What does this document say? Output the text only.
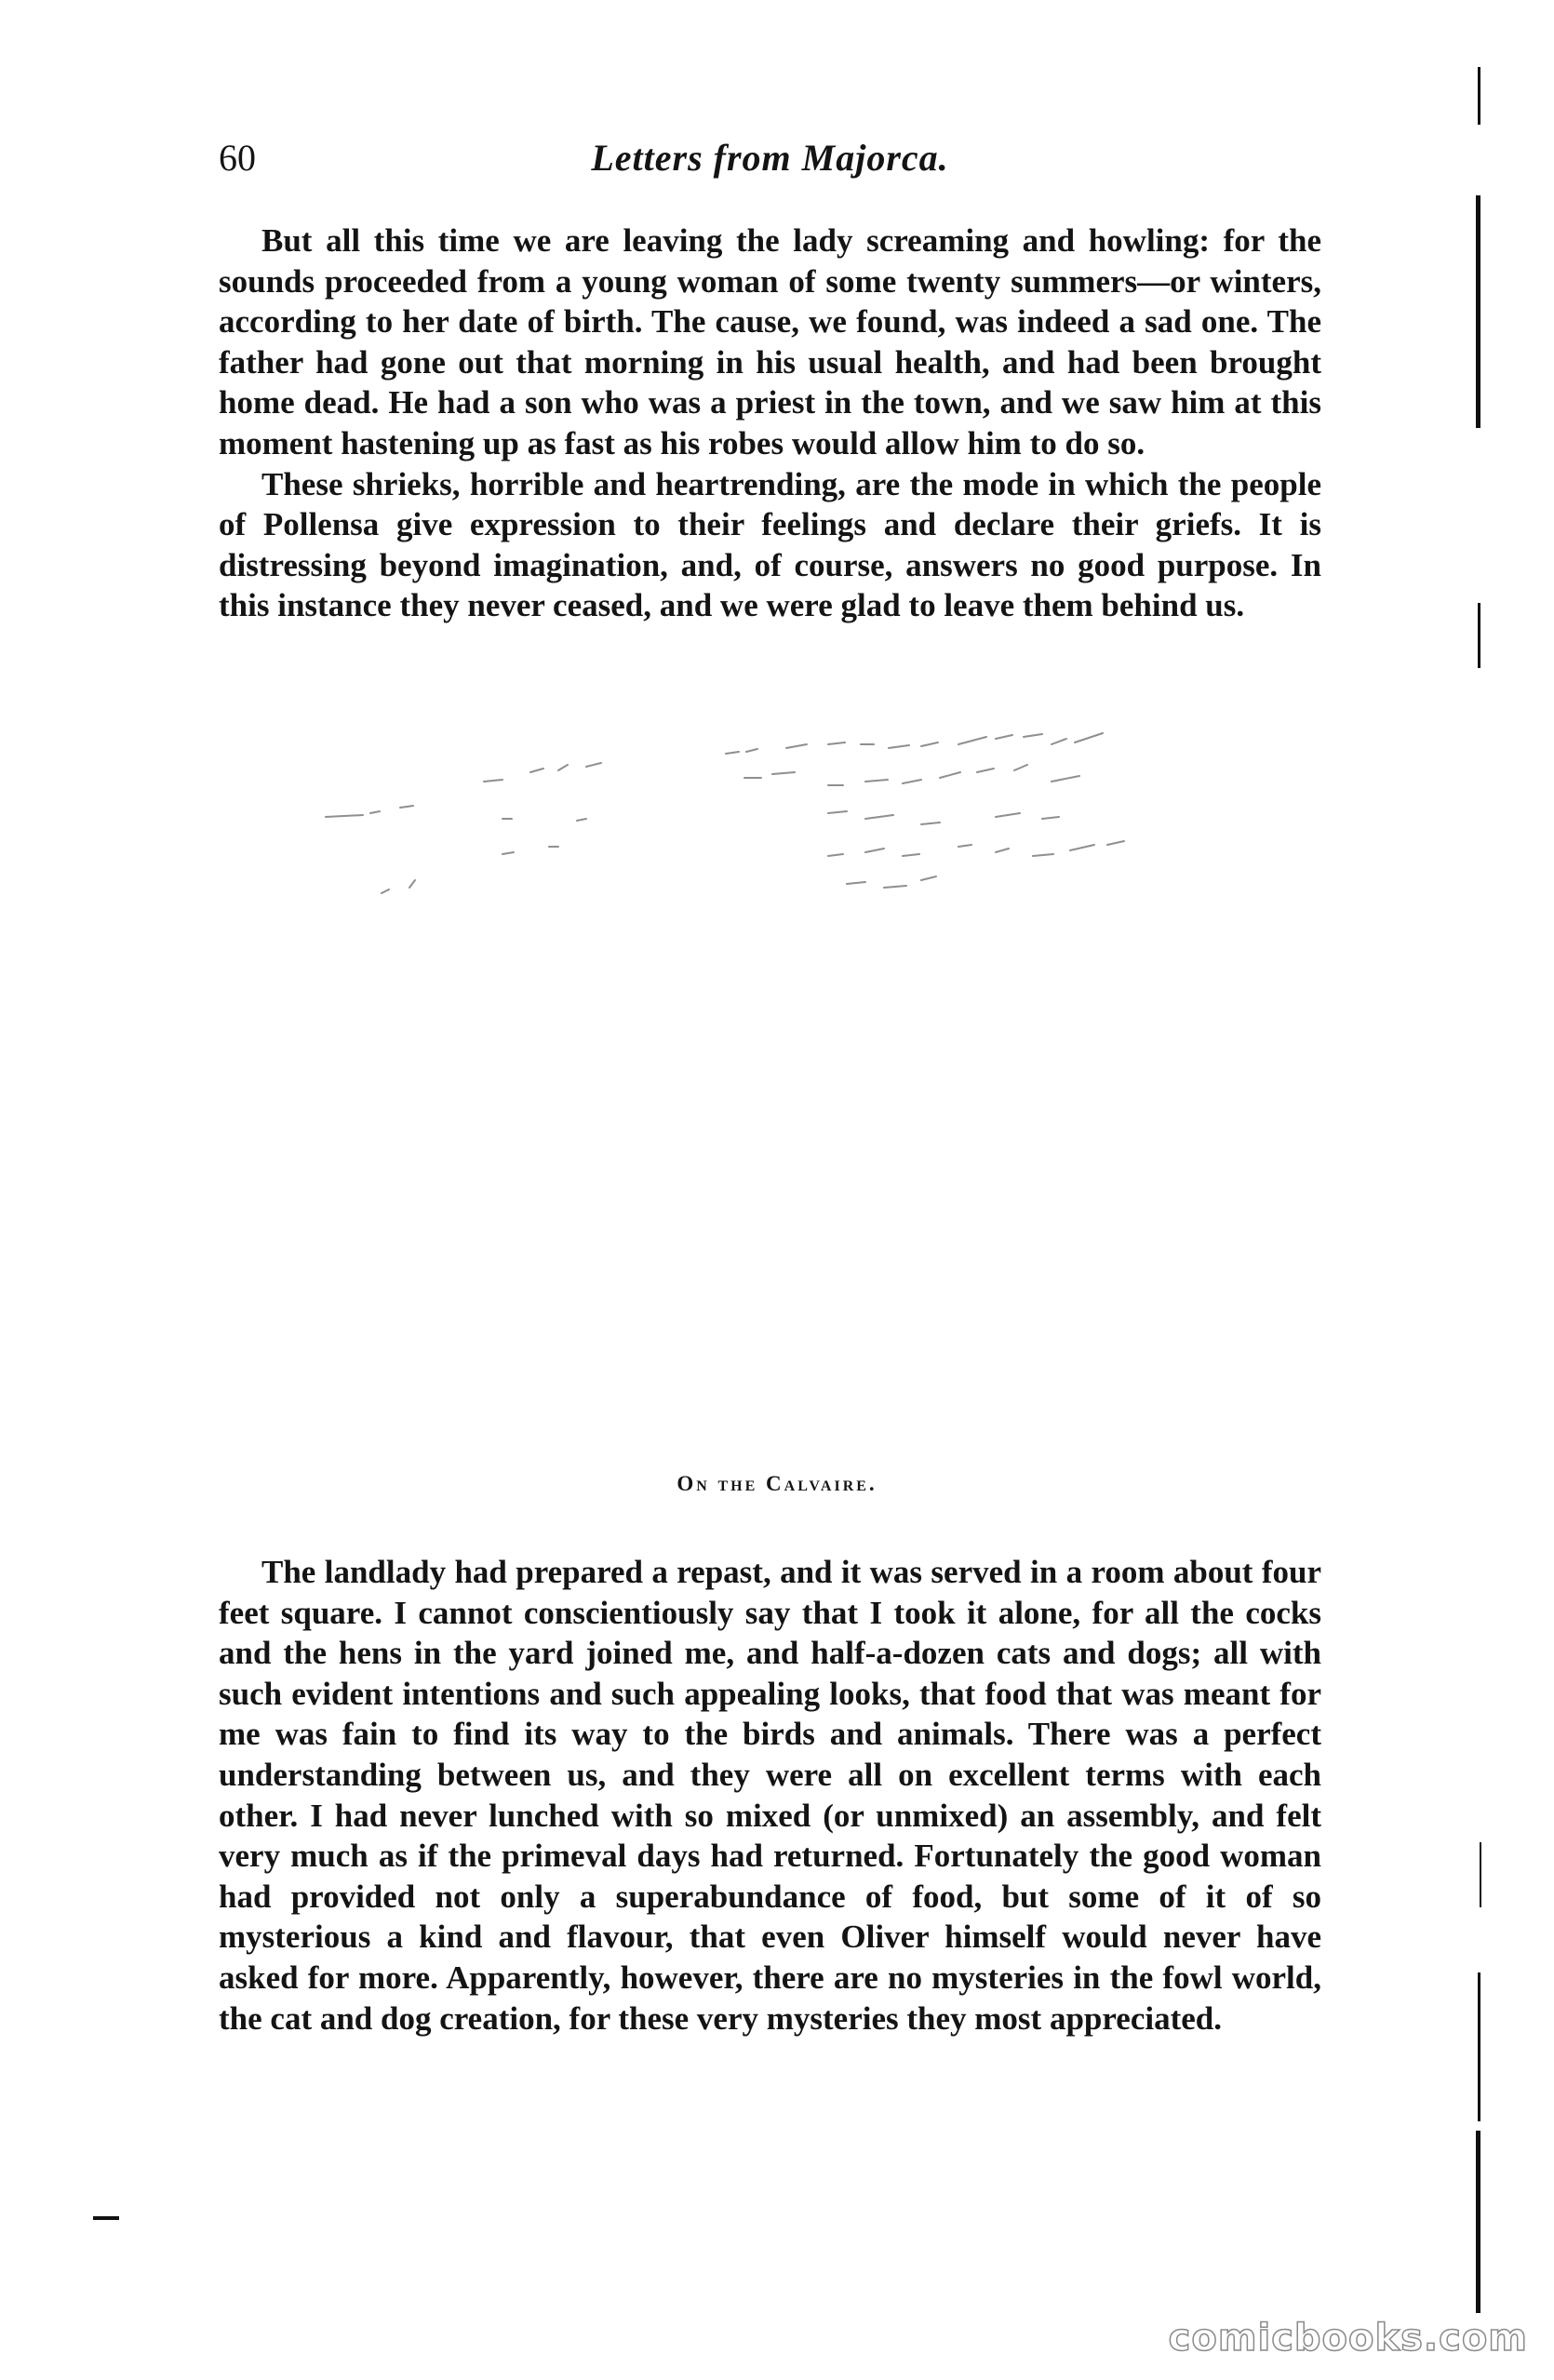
60	Letters from Majorca.

But all this time we are leaving the lady screaming and howling: for the sounds proceeded from a young woman of some twenty summers—or winters, according to her date of birth. The cause, we found, was indeed a sad one. The father had gone out that morning in his usual health, and had been brought home dead. He had a son who was a priest in the town, and we saw him at this moment hastening up as fast as his robes would allow him to do so.

These shrieks, horrible and heartrending, are the mode in which the people of Pollensa give expression to their feelings and declare their griefs. It is distressing beyond imagination, and, of course, answers no good purpose. In this instance they never ceased, and we were glad to leave them behind us.

On the Calvaire.

The landlady had prepared a repast, and it was served in a room about four feet square. I cannot conscientiously say that I took it alone, for all the cocks and the hens in the yard joined me, and half-a-dozen cats and dogs; all with such evident intentions and such appealing looks, that food that was meant for me was fain to find its way to the birds and animals. There was a perfect understanding between us, and they were all on excellent terms with each other. I had never lunched with so mixed (or unmixed) an assembly, and felt very much as if the primeval days had returned. Fortunately the good woman had provided not only a superabundance of food, but some of it of so mysterious a kind and flavour, that even Oliver himself would never have asked for more. Apparently, however, there are no mysteries in the fowl world, the cat and dog creation, for these very mysteries they most appreciated.

comicbooks.com
